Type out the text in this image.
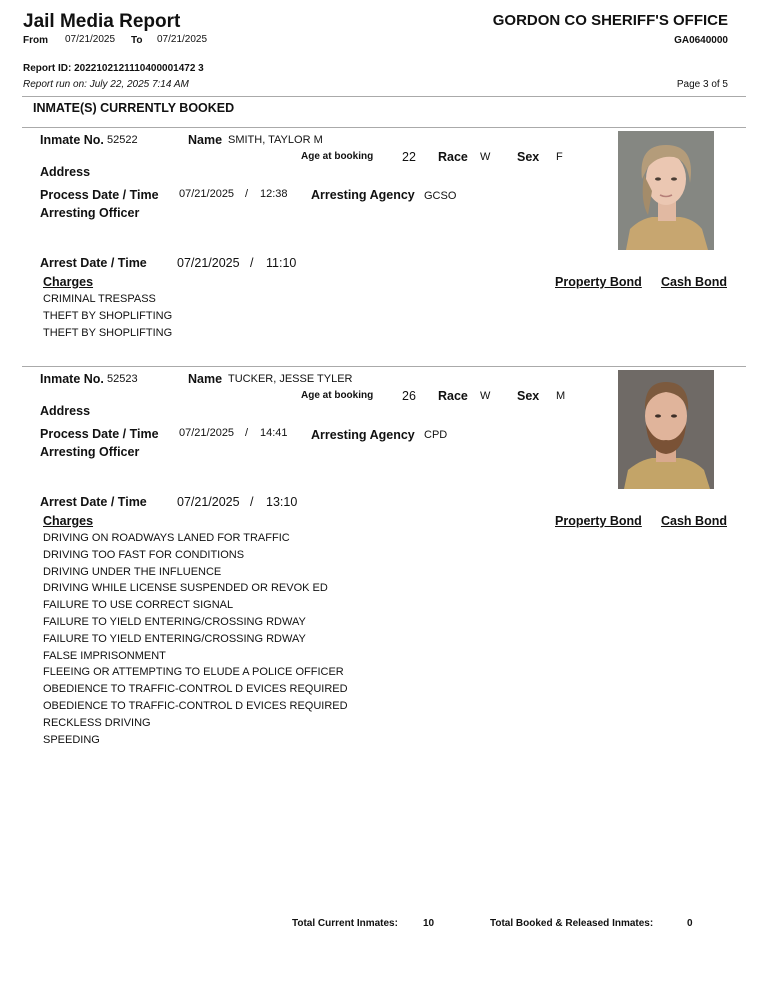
Jail Media Report
From 07/21/2025 To 07/21/2025
GORDON CO SHERIFF'S OFFICE
GA0640000
Report ID: 2022102121110400001472 3
Report run on: July 22, 2025 7:14 AM	Page 3 of 5
INMATE(S) CURRENTLY BOOKED
Inmate No. 52522	Name SMITH, TAYLOR M
Age at booking 22 Race W Sex F
Address
Process Date / Time 07/21/2025 / 12:38 Arresting Agency GCSO
Arresting Officer
Arrest Date / Time 07/21/2025 / 11:10
Charges	Property Bond Cash Bond
CRIMINAL TRESPASS
THEFT BY SHOPLIFTING
THEFT BY SHOPLIFTING
Inmate No. 52523	Name TUCKER, JESSE TYLER
Age at booking 26 Race W Sex M
Address
Process Date / Time 07/21/2025 / 14:41 Arresting Agency CPD
Arresting Officer
Arrest Date / Time 07/21/2025 / 13:10
Charges	Property Bond Cash Bond
DRIVING ON ROADWAYS LANED FOR TRAFFIC
DRIVING TOO FAST FOR CONDITIONS
DRIVING UNDER THE INFLUENCE
DRIVING WHILE LICENSE SUSPENDED OR REVOK ED
FAILURE TO USE CORRECT SIGNAL
FAILURE TO YIELD ENTERING/CROSSING RDWAY
FAILURE TO YIELD ENTERING/CROSSING RDWAY
FALSE IMPRISONMENT
FLEEING OR ATTEMPTING TO ELUDE A POLICE OFFICER
OBEDIENCE TO TRAFFIC-CONTROL D EVICES REQUIRED
OBEDIENCE TO TRAFFIC-CONTROL D EVICES REQUIRED
RECKLESS DRIVING
SPEEDING
Total Current Inmates:	10	Total Booked & Released Inmates:	0
